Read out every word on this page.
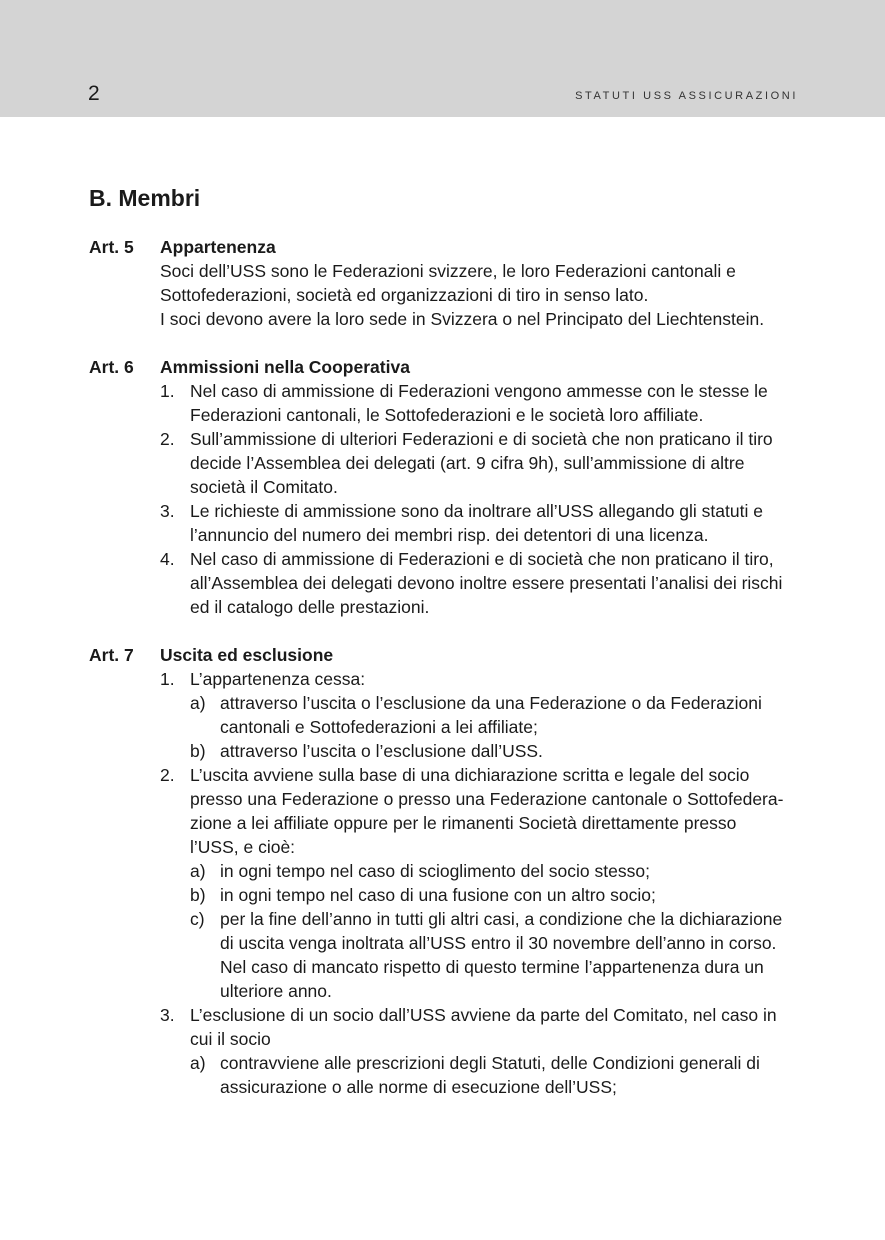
2	STATUTI USS ASSICURAZIONI
B. Membri
Art. 5 Appartenenza
Soci dell’USS sono le Federazioni svizzere, le loro Federazioni cantonali e
Sottofederazioni, società ed organizzazioni di tiro in senso lato.
I soci devono avere la loro sede in Svizzera o nel Principato del Liechtenstein.
Art. 6 Ammissioni nella Cooperativa
1. Nel caso di ammissione di Federazioni vengono ammesse con le stesse le
Federazioni cantonali, le Sottofederazioni e le società loro affiliate.
2. Sull’ammissione di ulteriori Federazioni e di società che non praticano il tiro
decide l’Assemblea dei delegati (art. 9 cifra 9h), sull’ammissione di altre
società il Comitato.
3. Le richieste di ammissione sono da inoltrare all’USS allegando gli statuti e
l’annuncio del numero dei membri risp. dei detentori di una licenza.
4. Nel caso di ammissione di Federazioni e di società che non praticano il tiro,
all’Assemblea dei delegati devono inoltre essere presentati l’analisi dei rischi
ed il catalogo delle prestazioni.
Art. 7 Uscita ed esclusione
1. L’appartenenza cessa:
a) attraverso l’uscita o l’esclusione da una Federazione o da Federazioni
cantonali e Sottofederazioni a lei affiliate;
b) attraverso l’uscita o l’esclusione dall’USS.
2. L’uscita avviene sulla base di una dichiarazione scritta e legale del socio
presso una Federazione o presso una Federazione cantonale o Sottofedera-
zione a lei affiliate oppure per le rimanenti Società direttamente presso
l’USS, e cioè:
a) in ogni tempo nel caso di scioglimento del socio stesso;
b) in ogni tempo nel caso di una fusione con un altro socio;
c) per la fine dell’anno in tutti gli altri casi, a condizione che la dichiarazione
di uscita venga inoltrata all’USS entro il 30 novembre dell’anno in corso.
Nel caso di mancato rispetto di questo termine l’appartenenza dura un
ulteriore anno.
3. L’esclusione di un socio dall’USS avviene da parte del Comitato, nel caso in
cui il socio
a) contravviene alle prescrizioni degli Statuti, delle Condizioni generali di
assicurazione o alle norme di esecuzione dell’USS;
